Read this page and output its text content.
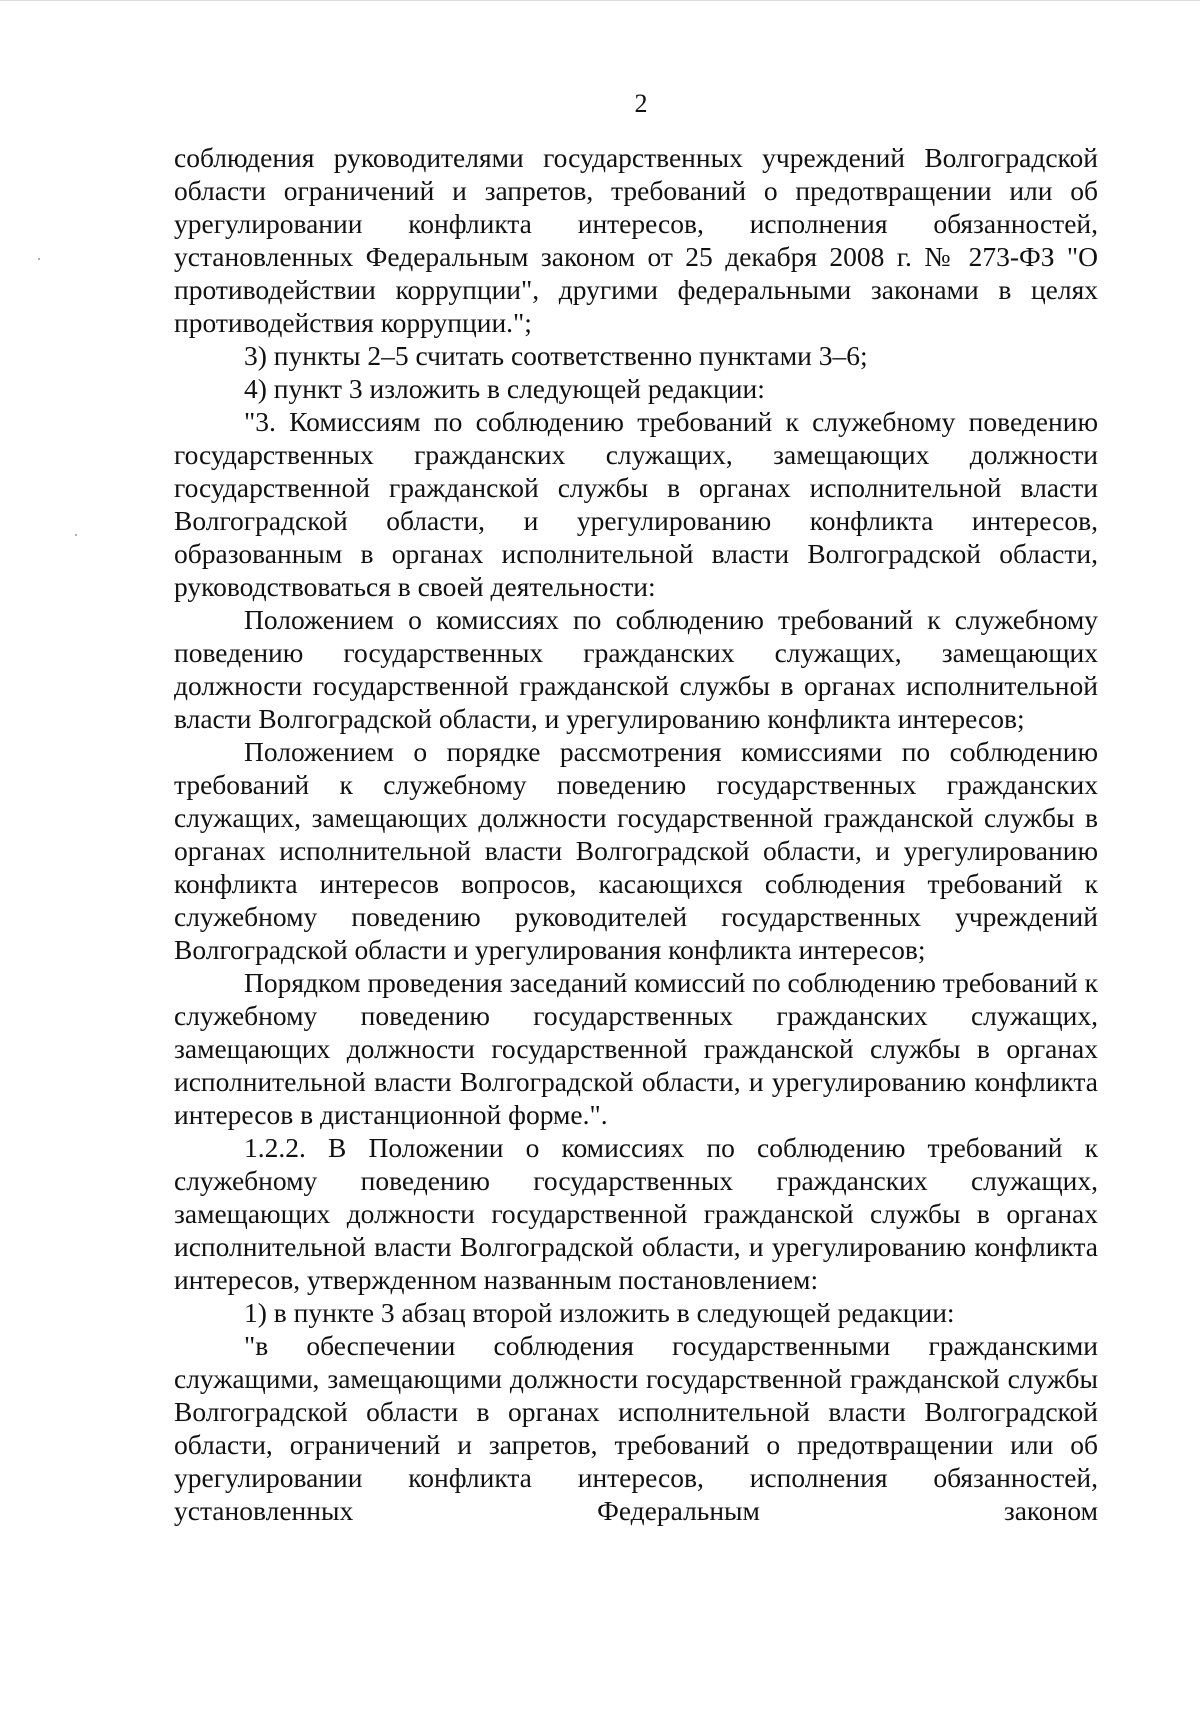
2

соблюдения руководителями государственных учреждений Волгоградской области ограничений и запретов, требований о предотвращении или об урегулировании конфликта интересов, исполнения обязанностей, установленных Федеральным законом от 25 декабря 2008 г. № 273-ФЗ "О противодействии коррупции", другими федеральными законами в целях противодействия коррупции.";

3) пункты 2–5 считать соответственно пунктами 3–6;

4) пункт 3 изложить в следующей редакции:

"3. Комиссиям по соблюдению требований к служебному поведению государственных гражданских служащих, замещающих должности государственной гражданской службы в органах исполнительной власти Волгоградской области, и урегулированию конфликта интересов, образованным в органах исполнительной власти Волгоградской области, руководствоваться в своей деятельности:

Положением о комиссиях по соблюдению требований к служебному поведению государственных гражданских служащих, замещающих должности государственной гражданской службы в органах исполнительной власти Волгоградской области, и урегулированию конфликта интересов;

Положением о порядке рассмотрения комиссиями по соблюдению требований к служебному поведению государственных гражданских служащих, замещающих должности государственной гражданской службы в органах исполнительной власти Волгоградской области, и урегулированию конфликта интересов вопросов, касающихся соблюдения требований к служебному поведению руководителей государственных учреждений Волгоградской области и урегулирования конфликта интересов;

Порядком проведения заседаний комиссий по соблюдению требований к служебному поведению государственных гражданских служащих, замещающих должности государственной гражданской службы в органах исполнительной власти Волгоградской области, и урегулированию конфликта интересов в дистанционной форме.".

1.2.2. В Положении о комиссиях по соблюдению требований к служебному поведению государственных гражданских служащих, замещающих должности государственной гражданской службы в органах исполнительной власти Волгоградской области, и урегулированию конфликта интересов, утвержденном названным постановлением:

1) в пункте 3 абзац второй изложить в следующей редакции:

"в обеспечении соблюдения государственными гражданскими служащими, замещающими должности государственной гражданской службы Волгоградской области в органах исполнительной власти Волгоградской области, ограничений и запретов, требований о предотвращении или об урегулировании конфликта интересов, исполнения обязанностей, установленных Федеральным законом
